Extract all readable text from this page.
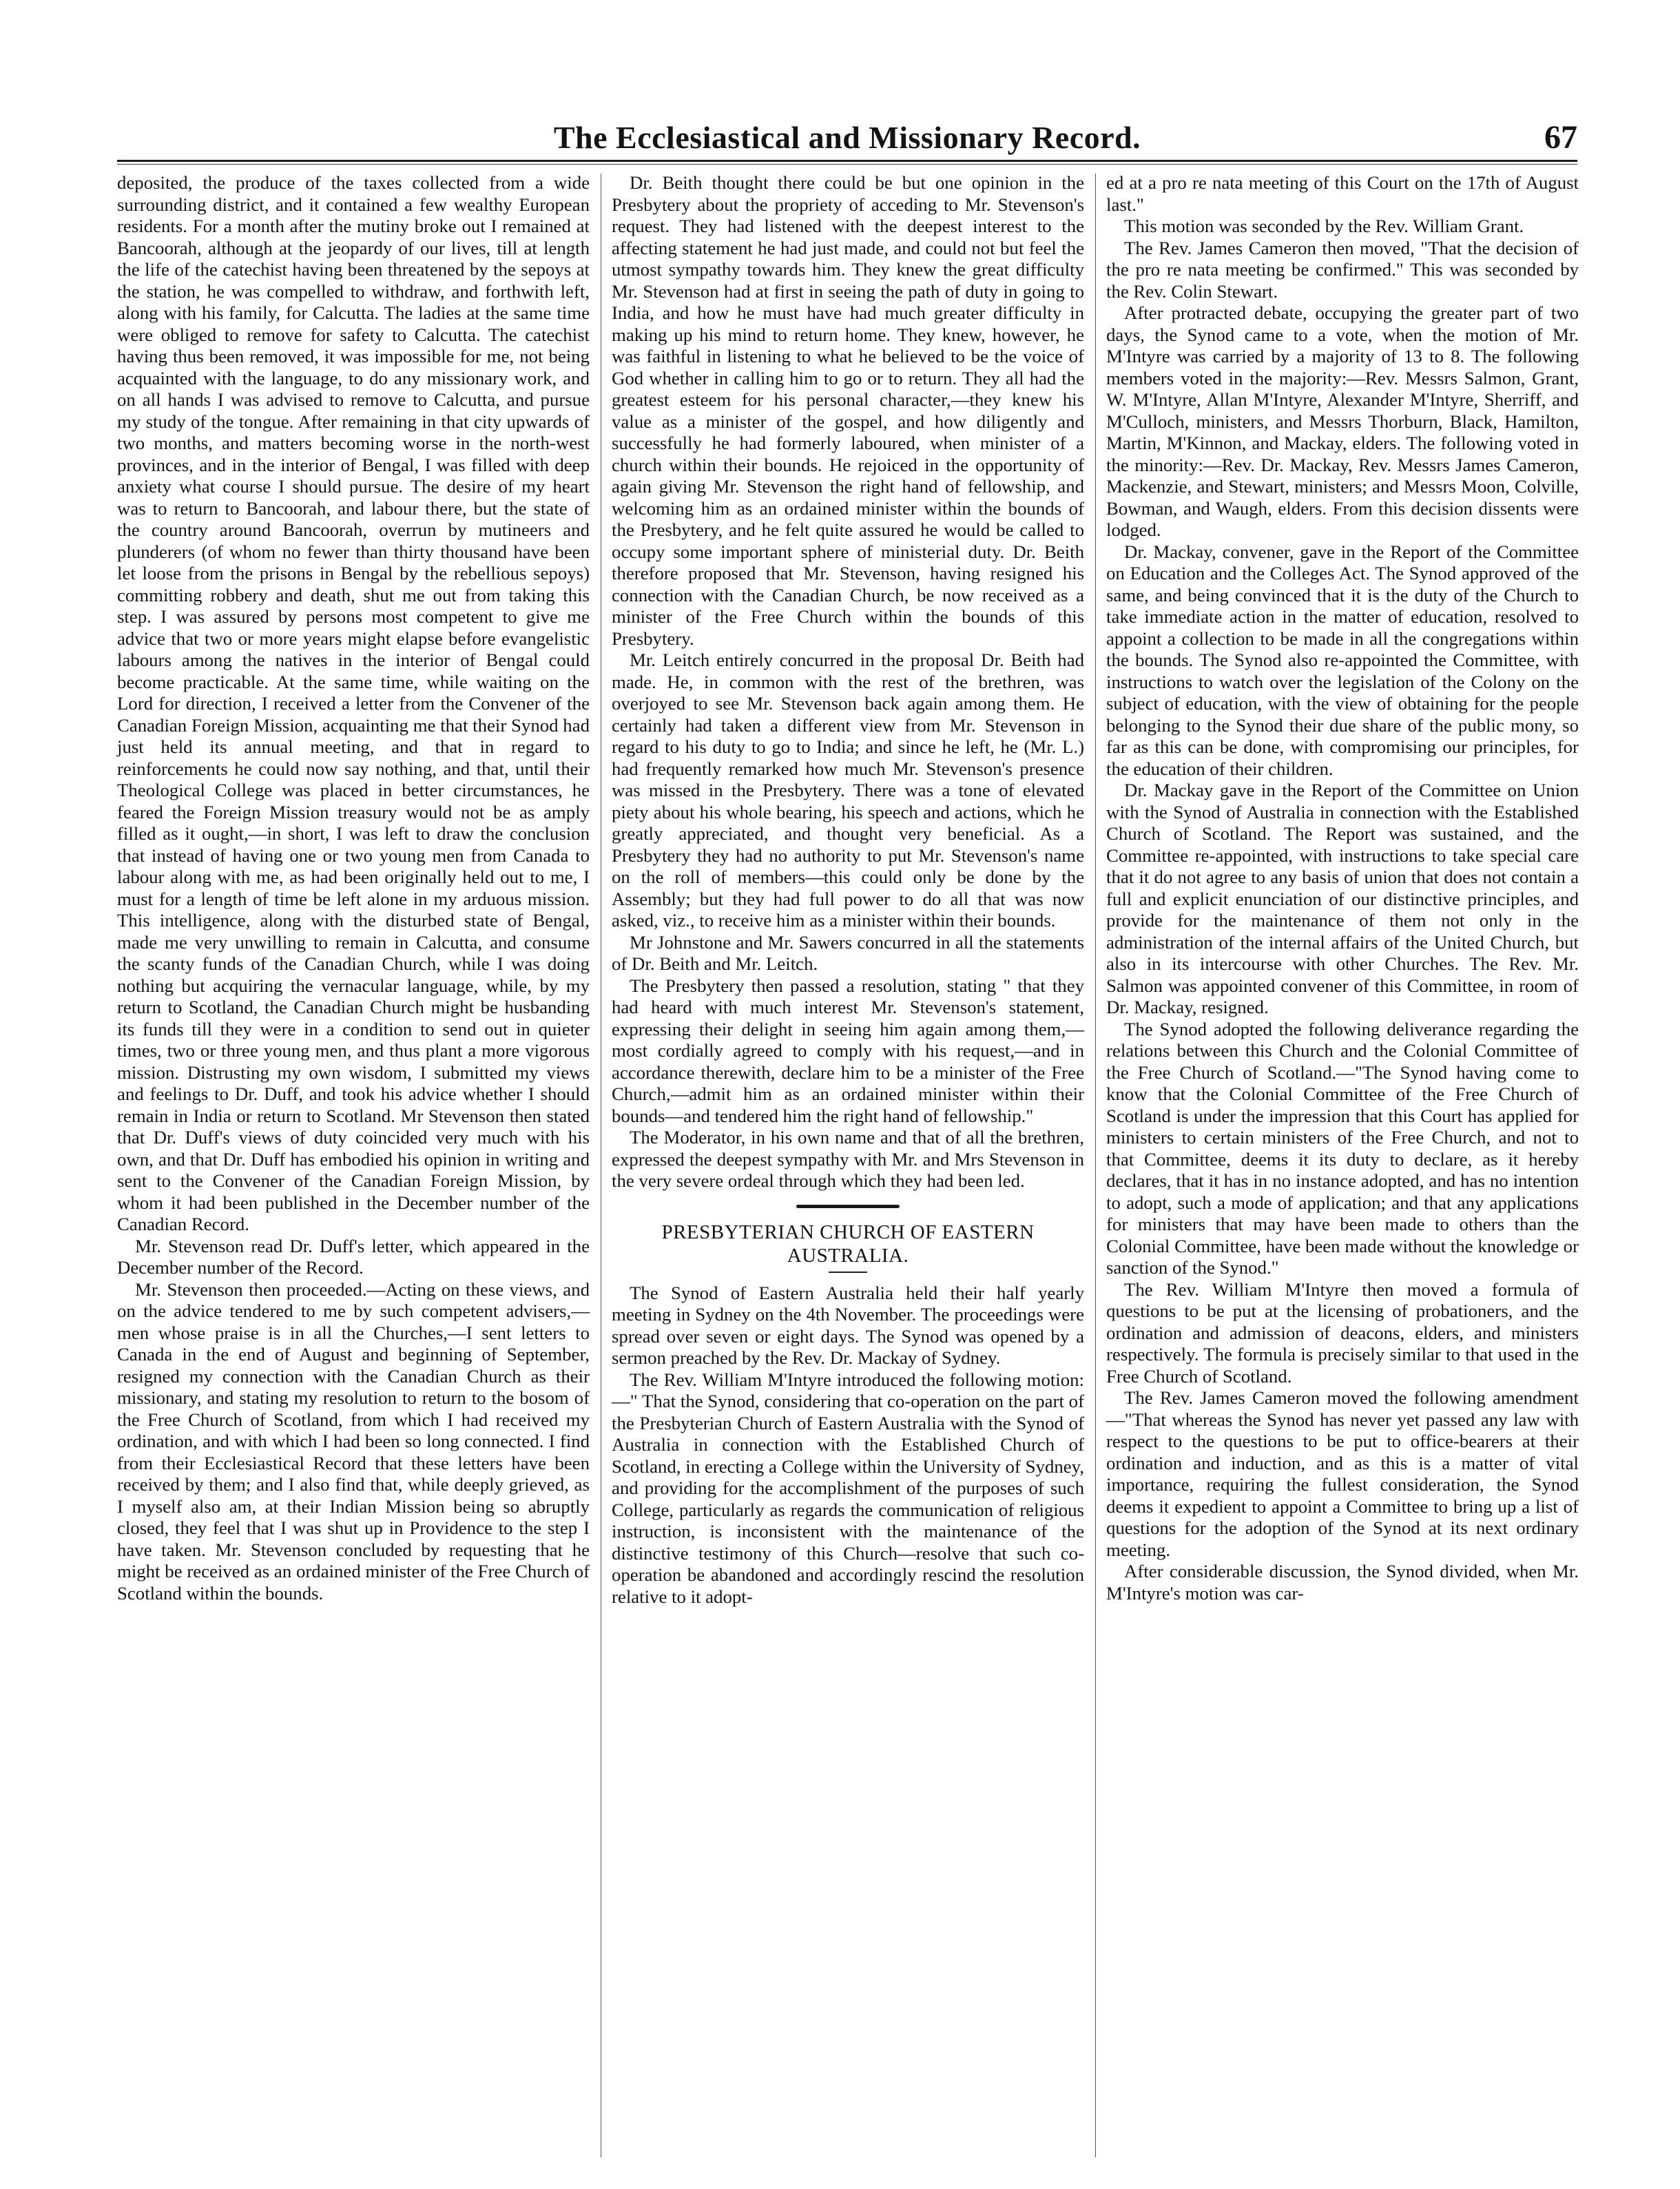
The Ecclesiastical and Missionary Record.	67

deposited, the produce of the taxes collected from a wide surrounding district, and it contained a few wealthy European residents. For a month after the mutiny broke out I remained at Bancoorah, although at the jeopardy of our lives, till at length the life of the catechist having been threatened by the sepoys at the station, he was compelled to withdraw, and forthwith left, along with his family, for Calcutta. The ladies at the same time were obliged to remove for safety to Calcutta. The catechist having thus been removed, it was impossible for me, not being acquainted with the language, to do any missionary work, and on all hands I was advised to remove to Calcutta, and pursue my study of the tongue. After remaining in that city upwards of two months, and matters becoming worse in the north-west provinces, and in the interior of Bengal, I was filled with deep anxiety what course I should pursue. The desire of my heart was to return to Bancoorah, and labour there, but the state of the country around Bancoorah, overrun by mutineers and plunderers (of whom no fewer than thirty thousand have been let loose from the prisons in Bengal by the rebellious sepoys) committing robbery and death, shut me out from taking this step. I was assured by persons most competent to give me advice that two or more years might elapse before evangelistic labours among the natives in the interior of Bengal could become practicable. At the same time, while waiting on the Lord for direction, I received a letter from the Convener of the Canadian Foreign Mission, acquainting me that their Synod had just held its annual meeting, and that in regard to reinforcements he could now say nothing, and that, until their Theological College was placed in better circumstances, he feared the Foreign Mission treasury would not be as amply filled as it ought,—in short, I was left to draw the conclusion that instead of having one or two young men from Canada to labour along with me, as had been originally held out to me, I must for a length of time be left alone in my arduous mission. This intelligence, along with the disturbed state of Bengal, made me very unwilling to remain in Calcutta, and consume the scanty funds of the Canadian Church, while I was doing nothing but acquiring the vernacular language, while, by my return to Scotland, the Canadian Church might be husbanding its funds till they were in a condition to send out in quieter times, two or three young men, and thus plant a more vigorous mission. Distrusting my own wisdom, I submitted my views and feelings to Dr. Duff, and took his advice whether I should remain in India or return to Scotland. Mr Stevenson then stated that Dr. Duff's views of duty coincided very much with his own, and that Dr. Duff has embodied his opinion in writing and sent to the Convener of the Canadian Foreign Mission, by whom it had been published in the December number of the Canadian Record.

Mr. Stevenson read Dr. Duff's letter, which appeared in the December number of the Record.

Mr. Stevenson then proceeded.—Acting on these views, and on the advice tendered to me by such competent advisers,—men whose praise is in all the Churches,—I sent letters to Canada in the end of August and beginning of September, resigned my connection with the Canadian Church as their missionary, and stating my resolution to return to the bosom of the Free Church of Scotland, from which I had received my ordination, and with which I had been so long connected. I find from their Ecclesiastical Record that these letters have been received by them; and I also find that, while deeply grieved, as I myself also am, at their Indian Mission being so abruptly closed, they feel that I was shut up in Providence to the step I have taken. Mr. Stevenson concluded by requesting that he might be received as an ordained minister of the Free Church of Scotland within the bounds.

Dr. Beith thought there could be but one opinion in the Presbytery about the propriety of acceding to Mr. Stevenson's request. They had listened with the deepest interest to the affecting statement he had just made, and could not but feel the utmost sympathy towards him. They knew the great difficulty Mr. Stevenson had at first in seeing the path of duty in going to India, and how he must have had much greater difficulty in making up his mind to return home. They knew, however, he was faithful in listening to what he believed to be the voice of God whether in calling him to go or to return. They all had the greatest esteem for his personal character,—they knew his value as a minister of the gospel, and how diligently and successfully he had formerly laboured, when minister of a church within their bounds. He rejoiced in the opportunity of again giving Mr. Stevenson the right hand of fellowship, and welcoming him as an ordained minister within the bounds of the Presbytery, and he felt quite assured he would be called to occupy some important sphere of ministerial duty. Dr. Beith therefore proposed that Mr. Stevenson, having resigned his connection with the Canadian Church, be now received as a minister of the Free Church within the bounds of this Presbytery.

Mr. Leitch entirely concurred in the proposal Dr. Beith had made. He, in common with the rest of the brethren, was overjoyed to see Mr. Stevenson back again among them. He certainly had taken a different view from Mr. Stevenson in regard to his duty to go to India; and since he left, he (Mr. L.) had frequently remarked how much Mr. Stevenson's presence was missed in the Presbytery. There was a tone of elevated piety about his whole bearing, his speech and actions, which he greatly appreciated, and thought very beneficial. As a Presbytery they had no authority to put Mr. Stevenson's name on the roll of members—this could only be done by the Assembly; but they had full power to do all that was now asked, viz., to receive him as a minister within their bounds.

Mr Johnstone and Mr. Sawers concurred in all the statements of Dr. Beith and Mr. Leitch.

The Presbytery then passed a resolution, stating " that they had heard with much interest Mr. Stevenson's statement, expressing their delight in seeing him again among them,—most cordially agreed to comply with his request,—and in accordance therewith, declare him to be a minister of the Free Church,—admit him as an ordained minister within their bounds—and tendered him the right hand of fellowship."

The Moderator, in his own name and that of all the brethren, expressed the deepest sympathy with Mr. and Mrs Stevenson in the very severe ordeal through which they had been led.

PRESBYTERIAN CHURCH OF EASTERN AUSTRALIA.

The Synod of Eastern Australia held their half yearly meeting in Sydney on the 4th November. The proceedings were spread over seven or eight days. The Synod was opened by a sermon preached by the Rev. Dr. Mackay of Sydney.

The Rev. William M'Intyre introduced the following motion:—" That the Synod, considering that co-operation on the part of the Presbyterian Church of Eastern Australia with the Synod of Australia in connection with the Established Church of Scotland, in erecting a College within the University of Sydney, and providing for the accomplishment of the purposes of such College, particularly as regards the communication of religious instruction, is inconsistent with the maintenance of the distinctive testimony of this Church—resolve that such co-operation be abandoned and accordingly rescind the resolution relative to it adopt-

ed at a pro re nata meeting of this Court on the 17th of August last."

This motion was seconded by the Rev. William Grant.

The Rev. James Cameron then moved, "That the decision of the pro re nata meeting be confirmed." This was seconded by the Rev. Colin Stewart.

After protracted debate, occupying the greater part of two days, the Synod came to a vote, when the motion of Mr. M'Intyre was carried by a majority of 13 to 8. The following members voted in the majority:—Rev. Messrs Salmon, Grant, W. M'Intyre, Allan M'Intyre, Alexander M'Intyre, Sherriff, and M'Culloch, ministers, and Messrs Thorburn, Black, Hamilton, Martin, M'Kinnon, and Mackay, elders. The following voted in the minority:—Rev. Dr. Mackay, Rev. Messrs James Cameron, Mackenzie, and Stewart, ministers; and Messrs Moon, Colville, Bowman, and Waugh, elders. From this decision dissents were lodged.

Dr. Mackay, convener, gave in the Report of the Committee on Education and the Colleges Act. The Synod approved of the same, and being convinced that it is the duty of the Church to take immediate action in the matter of education, resolved to appoint a collection to be made in all the congregations within the bounds. The Synod also re-appointed the Committee, with instructions to watch over the legislation of the Colony on the subject of education, with the view of obtaining for the people belonging to the Synod their due share of the public mony, so far as this can be done, with compromising our principles, for the education of their children.

Dr. Mackay gave in the Report of the Committee on Union with the Synod of Australia in connection with the Established Church of Scotland. The Report was sustained, and the Committee re-appointed, with instructions to take special care that it do not agree to any basis of union that does not contain a full and explicit enunciation of our distinctive principles, and provide for the maintenance of them not only in the administration of the internal affairs of the United Church, but also in its intercourse with other Churches. The Rev. Mr. Salmon was appointed convener of this Committee, in room of Dr. Mackay, resigned.

The Synod adopted the following deliverance regarding the relations between this Church and the Colonial Committee of the Free Church of Scotland.—"The Synod having come to know that the Colonial Committee of the Free Church of Scotland is under the impression that this Court has applied for ministers to certain ministers of the Free Church, and not to that Committee, deems it its duty to declare, as it hereby declares, that it has in no instance adopted, and has no intention to adopt, such a mode of application; and that any applications for ministers that may have been made to others than the Colonial Committee, have been made without the knowledge or sanction of the Synod."

The Rev. William M'Intyre then moved a formula of questions to be put at the licensing of probationers, and the ordination and admission of deacons, elders, and ministers respectively. The formula is precisely similar to that used in the Free Church of Scotland.

The Rev. James Cameron moved the following amendment —"That whereas the Synod has never yet passed any law with respect to the questions to be put to office-bearers at their ordination and induction, and as this is a matter of vital importance, requiring the fullest consideration, the Synod deems it expedient to appoint a Committee to bring up a list of questions for the adoption of the Synod at its next ordinary meeting.

After considerable discussion, the Synod divided, when Mr. M'Intyre's motion was car-
